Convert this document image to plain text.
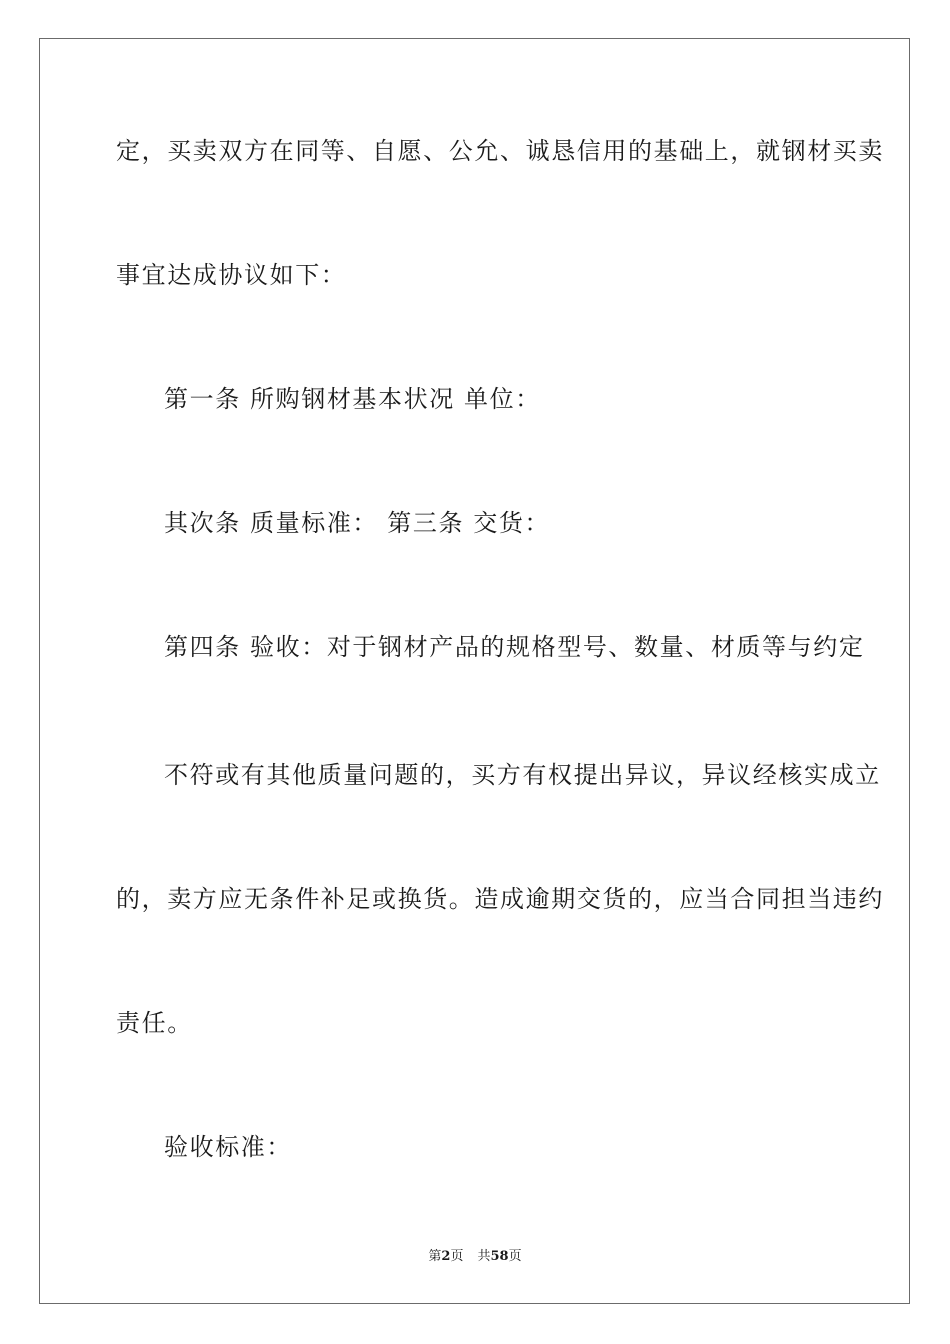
定，买卖双方在同等、自愿、公允、诚恳信用的基础上，就钢材买卖
事宜达成协议如下：
第一条 所购钢材基本状况 单位：
其次条 质量标准： 第三条 交货：
第四条 验收：对于钢材产品的规格型号、数量、材质等与约定
不符或有其他质量问题的，买方有权提出异议，异议经核实成立
的，卖方应无条件补足或换货。造成逾期交货的，应当合同担当违约
责任。
验收标准：
第2页 共58页
